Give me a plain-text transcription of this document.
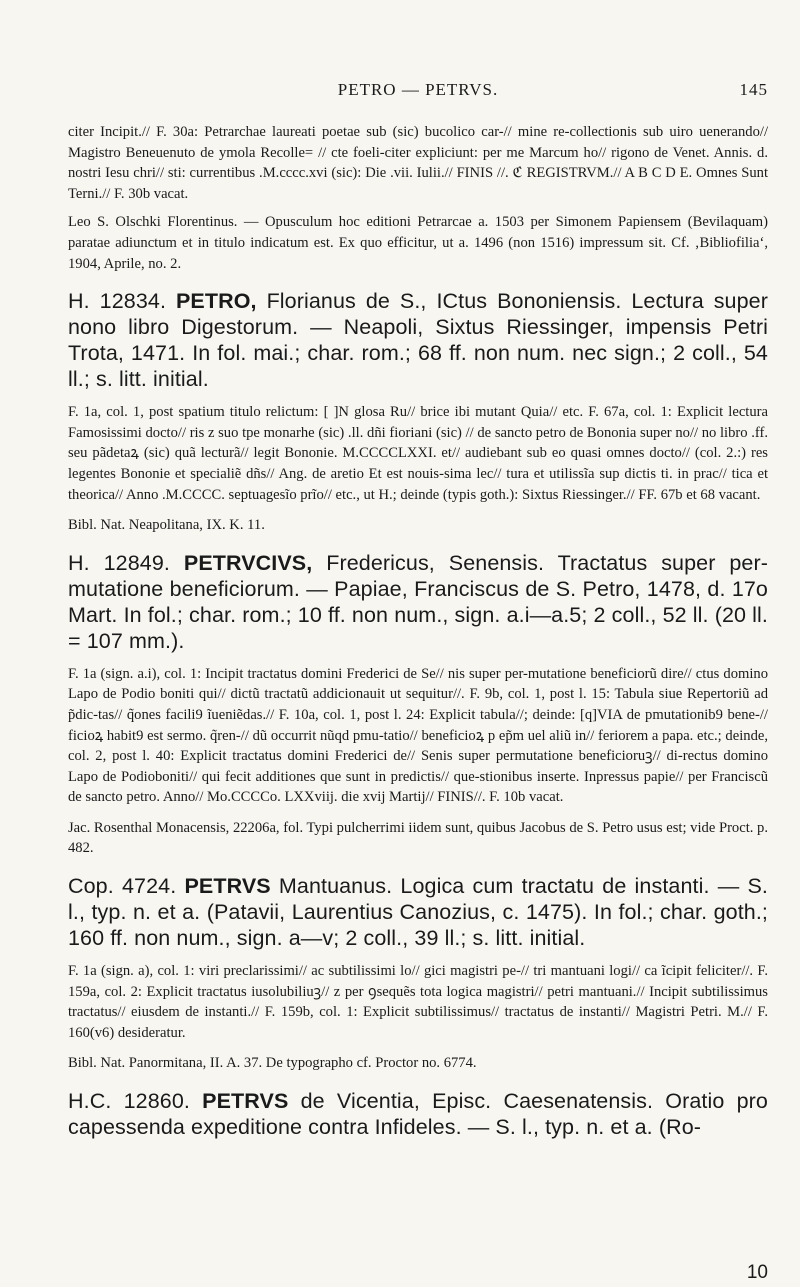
PETRO — PETRVS.	145

citer Incipit.// F. 30a: Petrarchae laureati poetae sub (sic) bucolico car-// mine re-collectionis sub uiro uenerando// Magistro Beneuenuto de ymola Recolle= // cte foeli-citer expliciunt: per me Marcum ho// rigono de Venet. Annis. d. nostri Iesu chri// sti: currentibus .M.cccc.xvi (sic): Die .vii. Iulii.// FINIS //. ℭ REGISTRVM.// A B C D E. Omnes Sunt Terni.// F. 30b vacat.

Leo S. Olschki Florentinus. — Opusculum hoc editioni Petrarcae a. 1503 per Simonem Papiensem (Bevilaquam) paratae adiunctum et in titulo indicatum est. Ex quo efficitur, ut a. 1496 (non 1516) impressum sit. Cf. ‚Bibliofilia‘, 1904, Aprile, no. 2.

H. 12834. PETRO, Florianus de S., ICtus Bononiensis. Lectura super nono libro Digestorum. — Neapoli, Sixtus Riessinger, impensis Petri Trota, 1471. In fol. mai.; char. rom.; 68 ff. non num. nec sign.; 2 coll., 54 ll.; s. litt. initial.

F. 1a, col. 1, post spatium titulo relictum: [ ]N glosa Ru// brice ibi mutant Quia// etc. F. 67a, col. 1: Explicit lectura Famosissimi docto// ris z suo tpe monarhe (sic) .ll. dñi fioriani (sic) // de sancto petro de Bononia super no// no libro .ff. seu pãdetaꝝ (sic) quã lecturã// legit Bononie. M.CCCCLXXI. et// audiebant sub eo quasi omnes docto// (col. 2.:) res legentes Bononie et specialiẽ dñs// Ang. de aretio Et est nouis-sima lec// tura et utilissĩa sup dictis ti. in prac// tica et theorica// Anno .M.CCCC. septuagesĩo prĩo// etc., ut H.; deinde (typis goth.): Sixtus Riessinger.// FF. 67b et 68 vacant.

Bibl. Nat. Neapolitana, IX. K. 11.

H. 12849. PETRVCIVS, Fredericus, Senensis. Tractatus super per-mutatione beneficiorum. — Papiae, Franciscus de S. Petro, 1478, d. 17o Mart. In fol.; char. rom.; 10 ff. non num., sign. a.i—a.5; 2 coll., 52 ll. (20 ll. = 107 mm.).

F. 1a (sign. a.i), col. 1: Incipit tractatus domini Frederici de Se// nis super per-mutatione beneficiorũ dire// ctus domino Lapo de Podio boniti qui// dictũ tractatũ addicionauit ut sequitur//. F. 9b, col. 1, post l. 15: Tabula siue Repertoriũ ad p̃dic-tas// q̃ones facili9 ĩueniẽdas.// F. 10a, col. 1, post l. 24: Explicit tabula//; deinde: [q]VIA de pmutationib9 bene-// ficioꝝ habit9 est sermo. q̃ren-// dũ occurrit nũqd pmu-tatio// beneficioꝝ p ep̃m uel aliũ in// feriorem a papa. etc.; deinde, col. 2, post l. 40: Explicit tractatus domini Frederici de// Senis super permutatione beneficioruꝫ// di-rectus domino Lapo de Podioboniti// qui fecit additiones que sunt in predictis// que-stionibus inserte. Inpressus papie// per Franciscũ de sancto petro. Anno// Mo.CCCCo. LXXviij. die xvij Martij// FINIS//. F. 10b vacat.

Jac. Rosenthal Monacensis, 22206a, fol. Typi pulcherrimi iidem sunt, quibus Jacobus de S. Petro usus est; vide Proct. p. 482.

Cop. 4724. PETRVS Mantuanus. Logica cum tractatu de instanti. — S. l., typ. n. et a. (Patavii, Laurentius Canozius, c. 1475). In fol.; char. goth.; 160 ff. non num., sign. a—v; 2 coll., 39 ll.; s. litt. initial.

F. 1a (sign. a), col. 1: viri preclarissimi// ac subtilissimi lo// gici magistri pe-// tri mantuani logi// ca ĩcipit feliciter//. F. 159a, col. 2: Explicit tractatus iusolubiliuꝫ// z per ꝯsequẽs tota logica magistri// petri mantuani.// Incipit subtilissimus tractatus// eiusdem de instanti.// F. 159b, col. 1: Explicit subtilissimus// tractatus de instanti// Magistri Petri. M.// F. 160(v6) desideratur.

Bibl. Nat. Panormitana, II. A. 37. De typographo cf. Proctor no. 6774.

H.C. 12860. PETRVS de Vicentia, Episc. Caesenatensis. Oratio pro capessenda expeditione contra Infideles. — S. l., typ. n. et a. (Ro-

10
